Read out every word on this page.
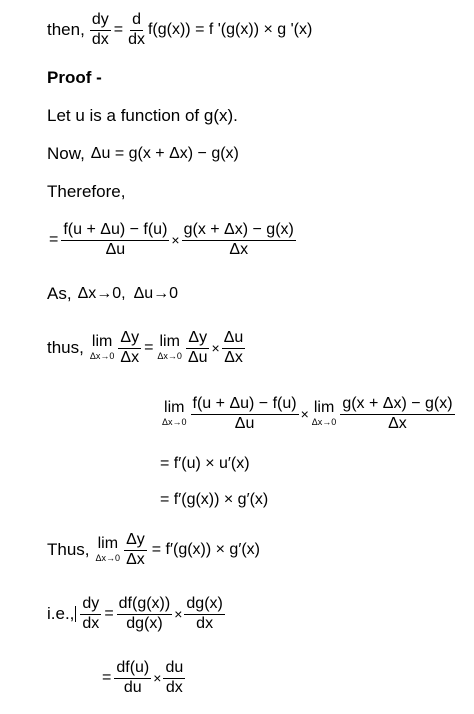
then, $\frac{dy}{dx} = \frac{d}{dx} f(g(x)) = f$ '(g(x)) × g '(x)
Proof -
Let u is a function of g(x).
Now, Δu = g(x + Δx) − g(x)
Therefore,
= $\frac{f(u + \Delta u) - f(u)}{\Delta u} \times \frac{g(x + \Delta x) - g(x)}{\Delta x}$
As, Δx→0, Δu→0
thus, lim
$\Delta x\to 0 \frac{\Delta y}{\Delta x} = \lim$
$\Delta x\to 0 \frac{\Delta y}{\Delta u} \times \frac{\Delta u}{\Delta x}$
lim
$\Delta x\to 0 \frac{f(u + \Delta u) - f(u)}{\Delta u} \times \lim$
$\Delta x\to 0 \frac{g(x + \Delta x) - g(x)}{\Delta x}$
= f′(u) × u′(x)
= f′(g(x)) × g′(x)
Thus, lim
$\Delta x\to 0 \frac{\Delta y}{\Delta x} = f'(g(x)) \times g'(x)$
i.e., $\frac{dy}{dx} = \frac{df(g(x))}{dg(x)} \times \frac{dg(x)}{dx}$
= $\frac{df(u)}{du} \times \frac{du}{dx}$
